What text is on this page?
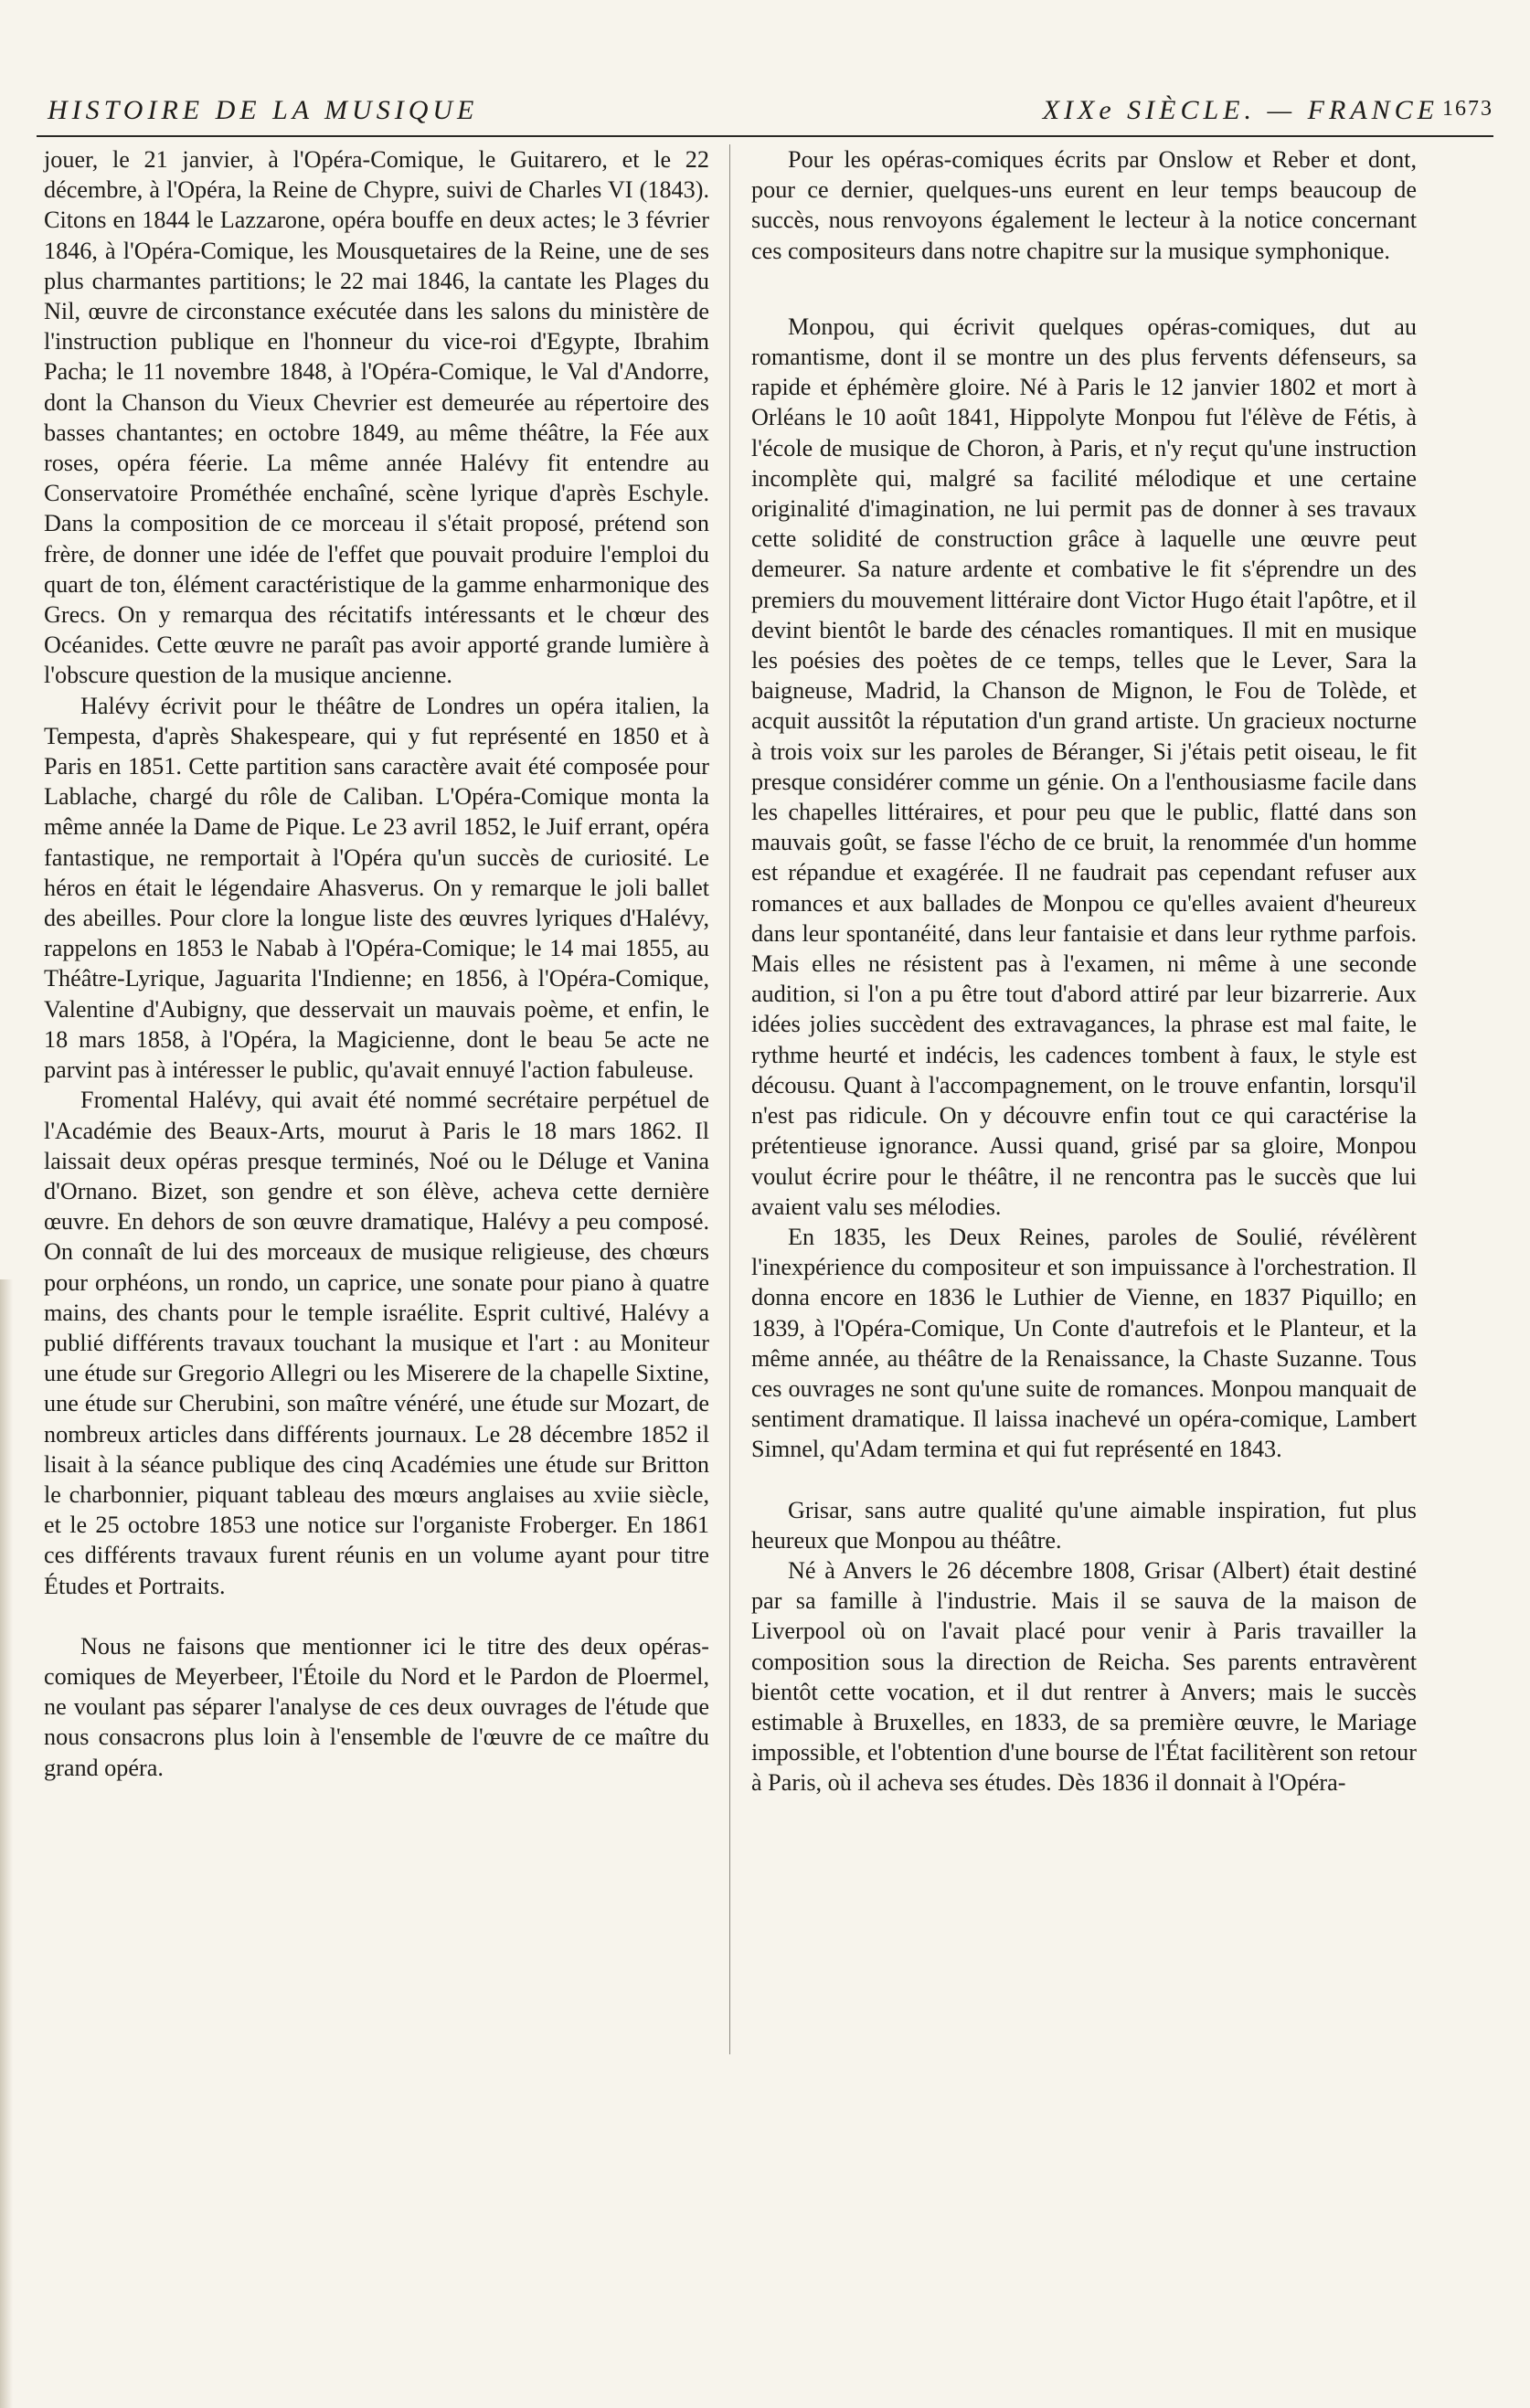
HISTOIRE DE LA MUSIQUE	XIXe SIÈCLE. — FRANCE 1673

jouer, le 21 janvier, à l'Opéra-Comique, le Guitarero, et le 22 décembre, à l'Opéra, la Reine de Chypre, suivi de Charles VI (1843). Citons en 1844 le Lazzarone, opéra bouffe en deux actes; le 3 février 1846, à l'Opéra-Comique, les Mousquetaires de la Reine, une de ses plus charmantes partitions; le 22 mai 1846, la cantate les Plages du Nil, œuvre de circonstance exécutée dans les salons du ministère de l'instruction publique en l'honneur du vice-roi d'Egypte, Ibrahim Pacha; le 11 novembre 1848, à l'Opéra-Comique, le Val d'Andorre, dont la Chanson du Vieux Chevrier est demeurée au répertoire des basses chantantes; en octobre 1849, au même théâtre, la Fée aux roses, opéra féerie. La même année Halévy fit entendre au Conservatoire Prométhée enchaîné, scène lyrique d'après Eschyle. Dans la composition de ce morceau il s'était proposé, prétend son frère, de donner une idée de l'effet que pouvait produire l'emploi du quart de ton, élément caractéristique de la gamme enharmonique des Grecs. On y remarqua des récitatifs intéressants et le chœur des Océanides. Cette œuvre ne paraît pas avoir apporté grande lumière à l'obscure question de la musique ancienne.

Halévy écrivit pour le théâtre de Londres un opéra italien, la Tempesta, d'après Shakespeare, qui y fut représenté en 1850 et à Paris en 1851. Cette partition sans caractère avait été composée pour Lablache, chargé du rôle de Caliban. L'Opéra-Comique monta la même année la Dame de Pique. Le 23 avril 1852, le Juif errant, opéra fantastique, ne remportait à l'Opéra qu'un succès de curiosité. Le héros en était le légendaire Ahasverus. On y remarque le joli ballet des abeilles. Pour clore la longue liste des œuvres lyriques d'Halévy, rappelons en 1853 le Nabab à l'Opéra-Comique; le 14 mai 1855, au Théâtre-Lyrique, Jaguarita l'Indienne; en 1856, à l'Opéra-Comique, Valentine d'Aubigny, que desservait un mauvais poème, et enfin, le 18 mars 1858, à l'Opéra, la Magicienne, dont le beau 5e acte ne parvint pas à intéresser le public, qu'avait ennuyé l'action fabuleuse.

Fromental Halévy, qui avait été nommé secrétaire perpétuel de l'Académie des Beaux-Arts, mourut à Paris le 18 mars 1862. Il laissait deux opéras presque terminés, Noé ou le Déluge et Vanina d'Ornano. Bizet, son gendre et son élève, acheva cette dernière œuvre. En dehors de son œuvre dramatique, Halévy a peu composé. On connaît de lui des morceaux de musique religieuse, des chœurs pour orphéons, un rondo, un caprice, une sonate pour piano à quatre mains, des chants pour le temple israélite. Esprit cultivé, Halévy a publié différents travaux touchant la musique et l'art : au Moniteur une étude sur Gregorio Allegri ou les Miserere de la chapelle Sixtine, une étude sur Cherubini, son maître vénéré, une étude sur Mozart, de nombreux articles dans différents journaux. Le 28 décembre 1852 il lisait à la séance publique des cinq Académies une étude sur Britton le charbonnier, piquant tableau des mœurs anglaises au xviie siècle, et le 25 octobre 1853 une notice sur l'organiste Froberger. En 1861 ces différents travaux furent réunis en un volume ayant pour titre Études et Portraits.

Nous ne faisons que mentionner ici le titre des deux opéras-comiques de Meyerbeer, l'Étoile du Nord et le Pardon de Ploermel, ne voulant pas séparer l'analyse de ces deux ouvrages de l'étude que nous consacrons plus loin à l'ensemble de l'œuvre de ce maître du grand opéra.

Pour les opéras-comiques écrits par Onslow et Reber et dont, pour ce dernier, quelques-uns eurent en leur temps beaucoup de succès, nous renvoyons également le lecteur à la notice concernant ces compositeurs dans notre chapitre sur la musique symphonique.

Monpou, qui écrivit quelques opéras-comiques, dut au romantisme, dont il se montre un des plus fervents défenseurs, sa rapide et éphémère gloire. Né à Paris le 12 janvier 1802 et mort à Orléans le 10 août 1841, Hippolyte Monpou fut l'élève de Fétis, à l'école de musique de Choron, à Paris, et n'y reçut qu'une instruction incomplète qui, malgré sa facilité mélodique et une certaine originalité d'imagination, ne lui permit pas de donner à ses travaux cette solidité de construction grâce à laquelle une œuvre peut demeurer. Sa nature ardente et combative le fit s'éprendre un des premiers du mouvement littéraire dont Victor Hugo était l'apôtre, et il devint bientôt le barde des cénacles romantiques. Il mit en musique les poésies des poètes de ce temps, telles que le Lever, Sara la baigneuse, Madrid, la Chanson de Mignon, le Fou de Tolède, et acquit aussitôt la réputation d'un grand artiste. Un gracieux nocturne à trois voix sur les paroles de Béranger, Si j'étais petit oiseau, le fit presque considérer comme un génie. On a l'enthousiasme facile dans les chapelles littéraires, et pour peu que le public, flatté dans son mauvais goût, se fasse l'écho de ce bruit, la renommée d'un homme est répandue et exagérée. Il ne faudrait pas cependant refuser aux romances et aux ballades de Monpou ce qu'elles avaient d'heureux dans leur spontanéité, dans leur fantaisie et dans leur rythme parfois. Mais elles ne résistent pas à l'examen, ni même à une seconde audition, si l'on a pu être tout d'abord attiré par leur bizarrerie. Aux idées jolies succèdent des extravagances, la phrase est mal faite, le rythme heurté et indécis, les cadences tombent à faux, le style est décousu. Quant à l'accompagnement, on le trouve enfantin, lorsqu'il n'est pas ridicule. On y découvre enfin tout ce qui caractérise la prétentieuse ignorance. Aussi quand, grisé par sa gloire, Monpou voulut écrire pour le théâtre, il ne rencontra pas le succès que lui avaient valu ses mélodies.

En 1835, les Deux Reines, paroles de Soulié, révélèrent l'inexpérience du compositeur et son impuissance à l'orchestration. Il donna encore en 1836 le Luthier de Vienne, en 1837 Piquillo; en 1839, à l'Opéra-Comique, Un Conte d'autrefois et le Planteur, et la même année, au théâtre de la Renaissance, la Chaste Suzanne. Tous ces ouvrages ne sont qu'une suite de romances. Monpou manquait de sentiment dramatique. Il laissa inachevé un opéra-comique, Lambert Simnel, qu'Adam termina et qui fut représenté en 1843.

Grisar, sans autre qualité qu'une aimable inspiration, fut plus heureux que Monpou au théâtre.

Né à Anvers le 26 décembre 1808, Grisar (Albert) était destiné par sa famille à l'industrie. Mais il se sauva de la maison de Liverpool où on l'avait placé pour venir à Paris travailler la composition sous la direction de Reicha. Ses parents entravèrent bientôt cette vocation, et il dut rentrer à Anvers; mais le succès estimable à Bruxelles, en 1833, de sa première œuvre, le Mariage impossible, et l'obtention d'une bourse de l'État facilitèrent son retour à Paris, où il acheva ses études. Dès 1836 il donnait à l'Opéra-
